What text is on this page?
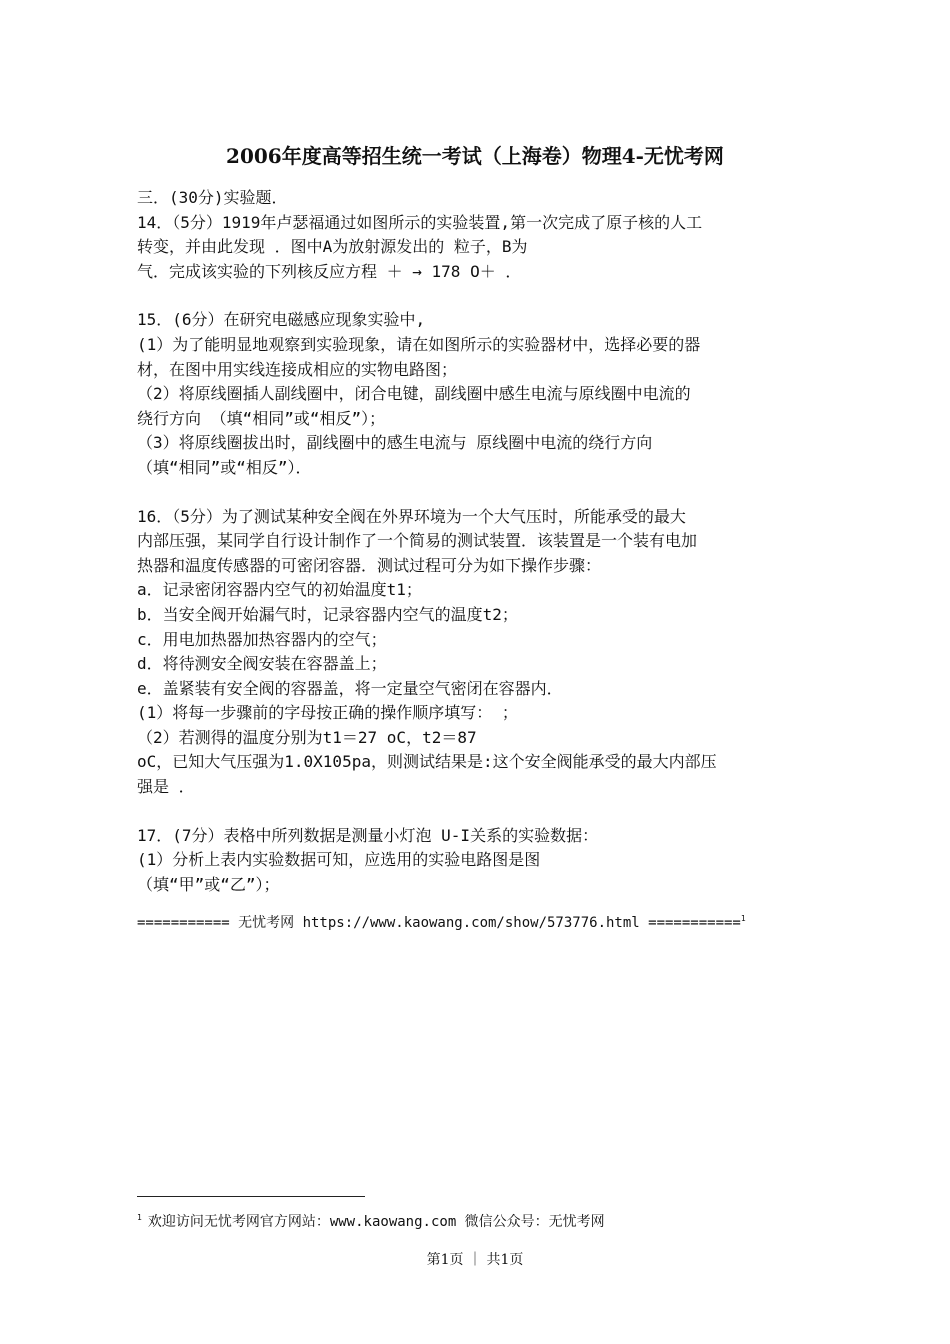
2006年度高等招生统一考试（上海卷）物理4-无忧考网
三．(30分)实验题．
14．（5分）1919年卢瑟福通过如图所示的实验装置,第一次完成了原子核的人工
转变，并由此发现 ．图中A为放射源发出的 粒子，B为
气．完成该实验的下列核反应方程 ＋ → 178 O＋ ．
15．(6分）在研究电磁感应现象实验中,
(1）为了能明显地观察到实验现象，请在如图所示的实验器材中，选择必要的器
材，在图中用实线连接成相应的实物电路图；
（2）将原线圈插人副线圈中，闭合电键，副线圈中感生电流与原线圈中电流的
绕行方向 （填“相同”或“相反”）；
（3）将原线圈拔出时，副线圈中的感生电流与 原线圈中电流的绕行方向
（填“相同”或“相反”）．
16．（5分）为了测试某种安全阀在外界环境为一个大气压时，所能承受的最大
内部压强，某同学自行设计制作了一个简易的测试装置．该装置是一个装有电加
热器和温度传感器的可密闭容器．测试过程可分为如下操作步骤：
a．记录密闭容器内空气的初始温度t1；
b．当安全阀开始漏气时，记录容器内空气的温度t2；
c．用电加热器加热容器内的空气；
d．将待测安全阀安装在容器盖上；
e．盖紧装有安全阀的容器盖，将一定量空气密闭在容器内．
(1）将每一步骤前的字母按正确的操作顺序填写： ；
（2）若测得的温度分别为t1＝27 oC，t2＝87
oC，已知大气压强为1.0X105pa，则测试结果是:这个安全阀能承受的最大内部压
强是 ．
17．(7分）表格中所列数据是测量小灯泡 U-I关系的实验数据：
(1）分析上表内实验数据可知，应选用的实验电路图是图
（填“甲”或“乙”）；
=========== 无忧考网 https://www.kaowang.com/show/573776.html ===========$^1$
$^1$ 欢迎访问无忧考网官方网站：www.kaowang.com 微信公众号：无忧考网
第1页 ｜ 共1页
